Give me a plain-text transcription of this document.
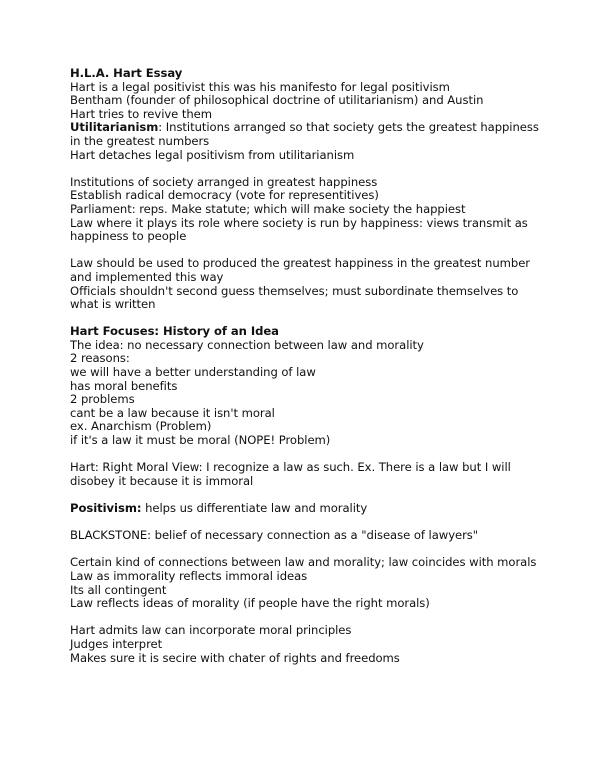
H.L.A. Hart Essay
Hart is a legal positivist this was his manifesto for legal positivism
Bentham (founder of philosophical doctrine of utilitarianism) and Austin
Hart tries to revive them
Utilitarianism: Institutions arranged so that society gets the greatest happiness in the greatest numbers
Hart detaches legal positivism from utilitarianism
Institutions of society arranged in greatest happiness
Establish radical democracy (vote for representitives)
Parliament: reps. Make statute; which will make society the happiest
Law where it plays its role where society is run by happiness: views transmit as happiness to people
Law should be used to produced the greatest happiness in the greatest number and implemented this way
Officials shouldn't second guess themselves; must subordinate themselves to what is written
Hart Focuses: History of an Idea
The idea: no necessary connection between law and morality
2 reasons:
we will have a better understanding of law
has moral benefits
2 problems
cant be a law because it isn't moral
ex. Anarchism (Problem)
if it's a law it must be moral (NOPE! Problem)
Hart: Right Moral View: I recognize a law as such. Ex. There is a law but I will disobey it because it is immoral
Positivism: helps us differentiate law and morality
BLACKSTONE: belief of necessary connection as a "disease of lawyers"
Certain kind of connections between law and morality; law coincides with morals
Law as immorality reflects immoral ideas
Its all contingent
Law reflects ideas of morality (if people have the right morals)
Hart admits law can incorporate moral principles
Judges interpret
Makes sure it is secire with chater of rights and freedoms
